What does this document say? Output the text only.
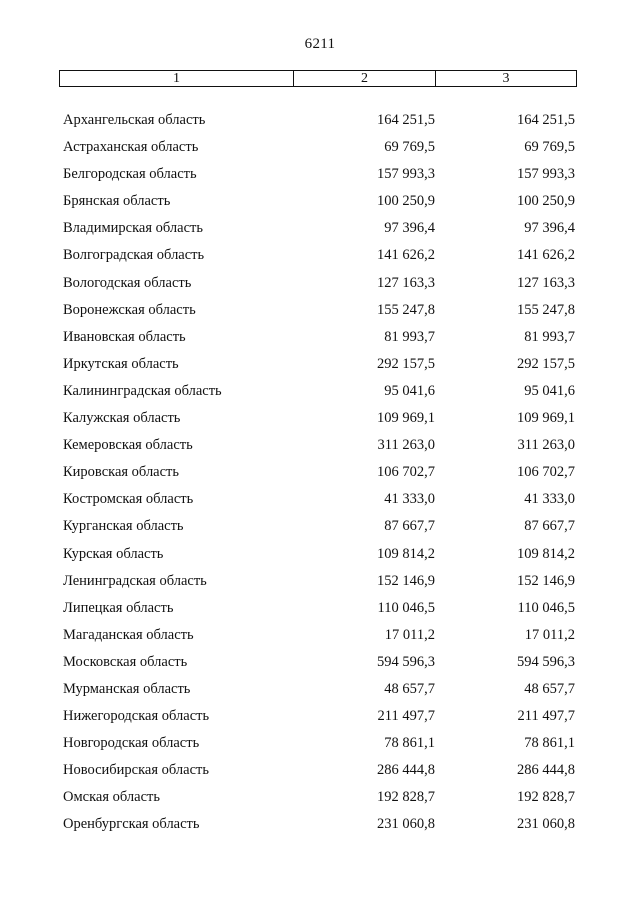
6211
1	2	3
Архангельская область	164 251,5	164 251,5
Астраханская область	69 769,5	69 769,5
Белгородская область	157 993,3	157 993,3
Брянская область	100 250,9	100 250,9
Владимирская область	97 396,4	97 396,4
Волгоградская область	141 626,2	141 626,2
Вологодская область	127 163,3	127 163,3
Воронежская область	155 247,8	155 247,8
Ивановская область	81 993,7	81 993,7
Иркутская область	292 157,5	292 157,5
Калининградская область	95 041,6	95 041,6
Калужская область	109 969,1	109 969,1
Кемеровская область	311 263,0	311 263,0
Кировская область	106 702,7	106 702,7
Костромская область	41 333,0	41 333,0
Курганская область	87 667,7	87 667,7
Курская область	109 814,2	109 814,2
Ленинградская область	152 146,9	152 146,9
Липецкая область	110 046,5	110 046,5
Магаданская область	17 011,2	17 011,2
Московская область	594 596,3	594 596,3
Мурманская область	48 657,7	48 657,7
Нижегородская область	211 497,7	211 497,7
Новгородская область	78 861,1	78 861,1
Новосибирская область	286 444,8	286 444,8
Омская область	192 828,7	192 828,7
Оренбургская область	231 060,8	231 060,8
